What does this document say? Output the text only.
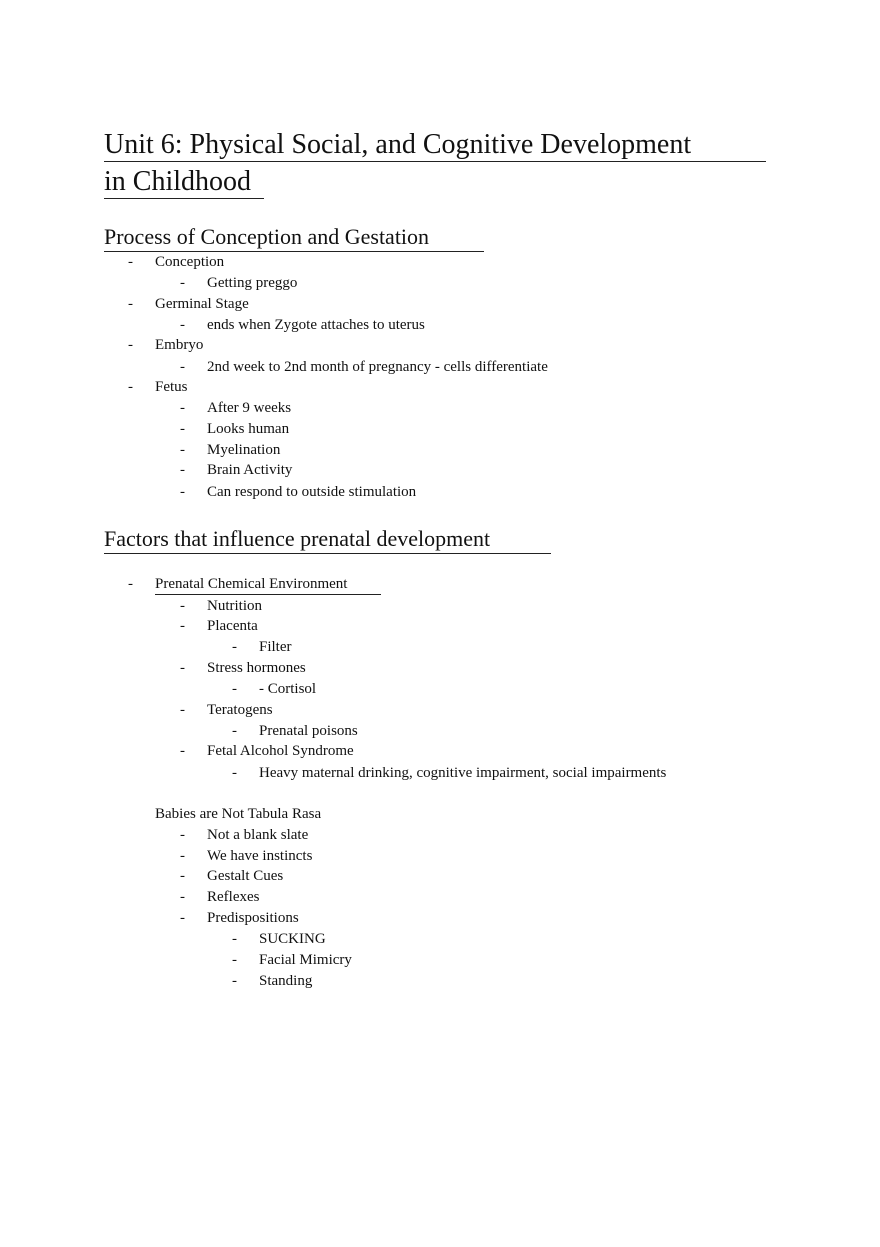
Unit 6: Physical Social, and Cognitive Development
in Childhood
Process of Conception and Gestation
-	Conception
-	Getting preggo
-	Germinal Stage
-	ends when Zygote attaches to uterus
-	Embryo
-	2nd week to 2nd month of pregnancy - cells differentiate
-	Fetus
-	After 9 weeks
-	Looks human
-	Myelination
-	Brain Activity
-	Can respond to outside stimulation
Factors that influence prenatal development
-	Prenatal Chemical Environment
-	Nutrition
-	Placenta
-	Filter
-	Stress hormones
-	- Cortisol
-	Teratogens
-	Prenatal poisons
-	Fetal Alcohol Syndrome
-	Heavy maternal drinking, cognitive impairment, social impairments
Babies are Not Tabula Rasa
-	Not a blank slate
-	We have instincts
-	Gestalt Cues
-	Reflexes
-	Predispositions
-	SUCKING
-	Facial Mimicry
-	Standing
